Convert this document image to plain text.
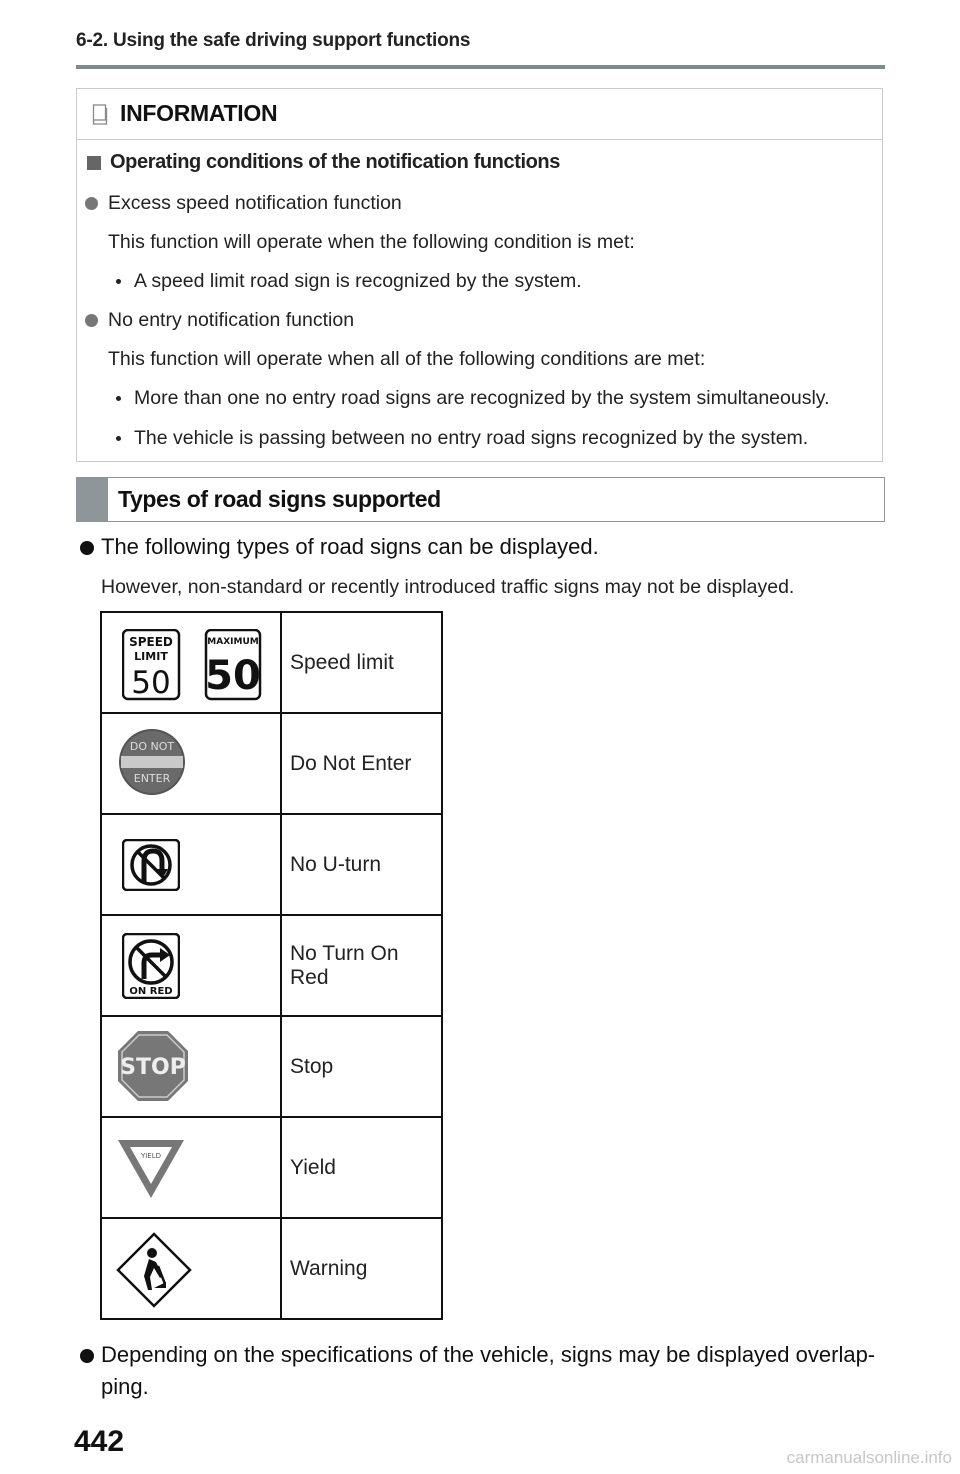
6-2. Using the safe driving support functions
INFORMATION
Operating conditions of the notification functions
Excess speed notification function
This function will operate when the following condition is met:
A speed limit road sign is recognized by the system.
No entry notification function
This function will operate when all of the following conditions are met:
More than one no entry road signs are recognized by the system simultaneously.
The vehicle is passing between no entry road signs recognized by the system.
Types of road signs supported
The following types of road signs can be displayed.
However, non-standard or recently introduced traffic signs may not be displayed.
SPEED
LIMIT
50
MAXIMUM
50	Speed limit

DO NOT
ENTER	Do Not Enter

	No U-turn

ON RED	No Turn On Red

STOP	Stop

YIELD	Yield

	Warning
Depending on the specifications of the vehicle, signs may be displayed overlap-
ping.
442	carmanualsonline.info
